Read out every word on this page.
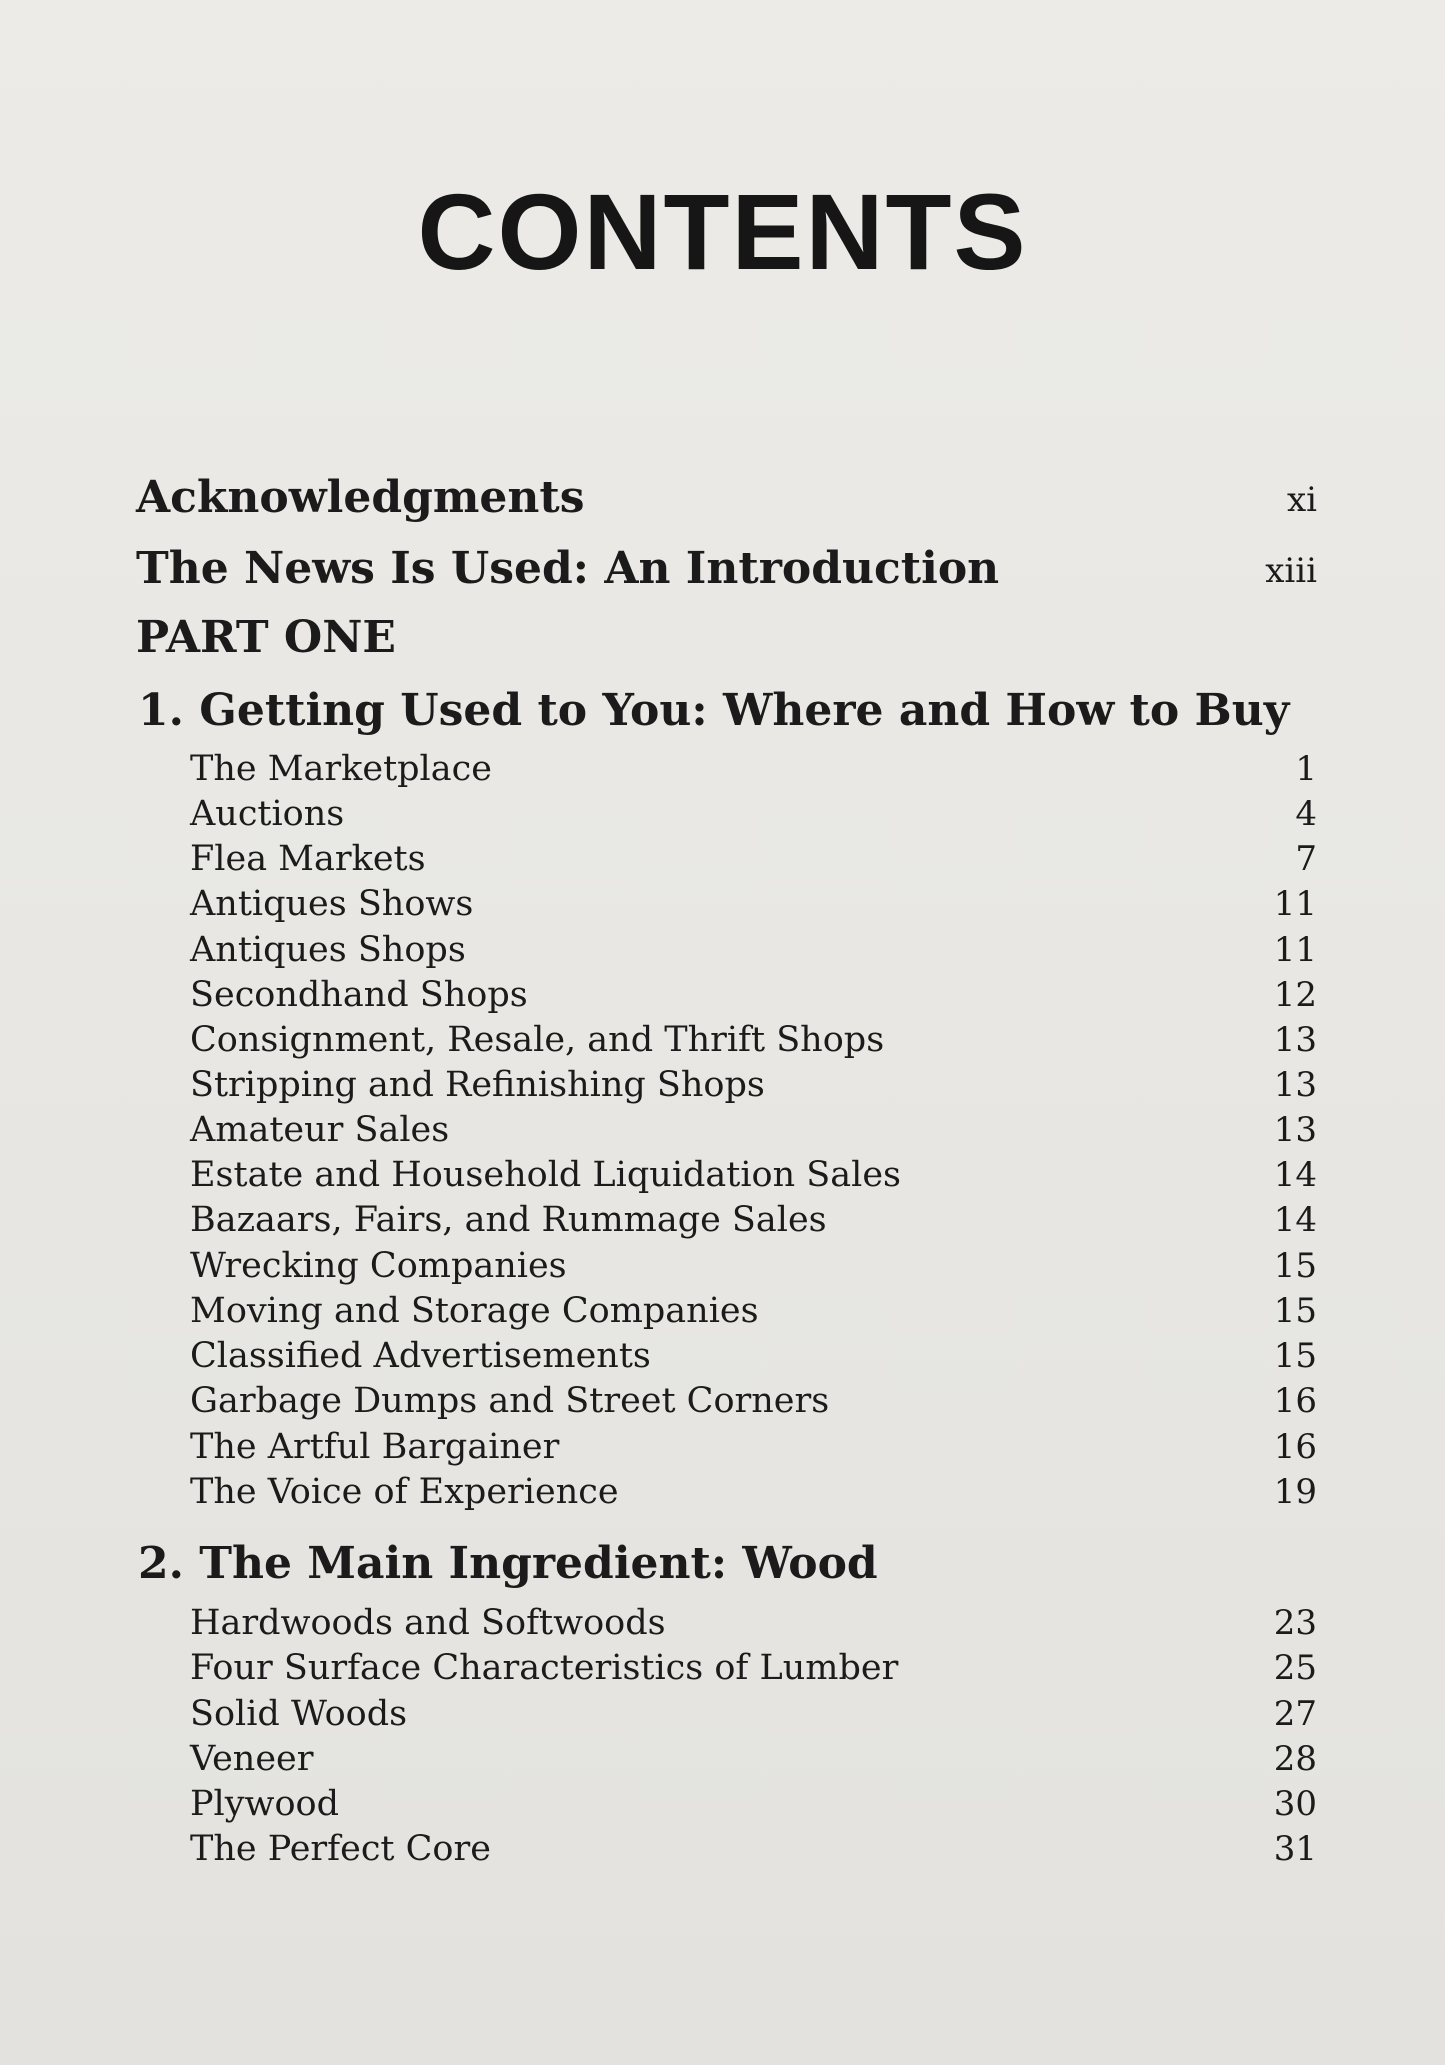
CONTENTS
Acknowledgments	xi
The News Is Used: An Introduction	xiii
PART ONE
1. Getting Used to You: Where and How to Buy
The Marketplace	1
Auctions	4
Flea Markets	7
Antiques Shows	11
Antiques Shops	11
Secondhand Shops	12
Consignment, Resale, and Thrift Shops	13
Stripping and Refinishing Shops	13
Amateur Sales	13
Estate and Household Liquidation Sales	14
Bazaars, Fairs, and Rummage Sales	14
Wrecking Companies	15
Moving and Storage Companies	15
Classified Advertisements	15
Garbage Dumps and Street Corners	16
The Artful Bargainer	16
The Voice of Experience	19
2. The Main Ingredient: Wood
Hardwoods and Softwoods	23
Four Surface Characteristics of Lumber	25
Solid Woods	27
Veneer	28
Plywood	30
The Perfect Core	31
